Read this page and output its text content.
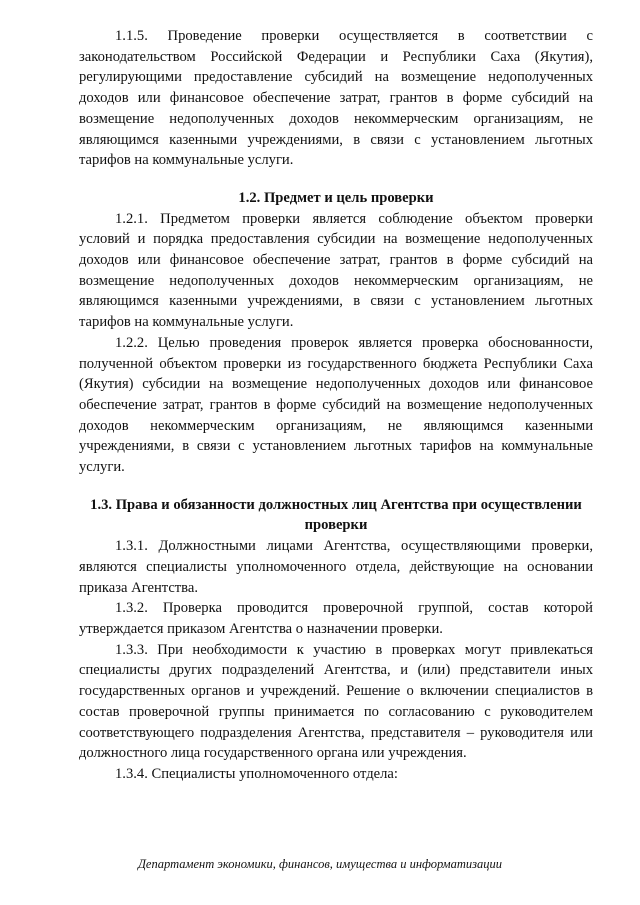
1.1.5. Проведение проверки осуществляется в соответствии с законодательством Российской Федерации и Республики Саха (Якутия), регулирующими предоставление субсидий на возмещение недополученных доходов или финансовое обеспечение затрат, грантов в форме субсидий на возмещение недополученных доходов некоммерческим организациям, не являющимся казенными учреждениями, в связи с установлением льготных тарифов на коммунальные услуги.

1.2. Предмет и цель проверки

1.2.1. Предметом проверки является соблюдение объектом проверки условий и порядка предоставления субсидии на возмещение недополученных доходов или финансовое обеспечение затрат, грантов в форме субсидий на возмещение недополученных доходов некоммерческим организациям, не являющимся казенными учреждениями, в связи с установлением льготных тарифов на коммунальные услуги.

1.2.2. Целью проведения проверок является проверка обоснованности, полученной объектом проверки из государственного бюджета Республики Саха (Якутия) субсидии на возмещение недополученных доходов или финансовое обеспечение затрат, грантов в форме субсидий на возмещение недополученных доходов некоммерческим организациям, не являющимся казенными учреждениями, в связи с установлением льготных тарифов на коммунальные услуги.

1.3. Права и обязанности должностных лиц Агентства при осуществлении
проверки

1.3.1. Должностными лицами Агентства, осуществляющими проверки, являются специалисты уполномоченного отдела, действующие на основании приказа Агентства.

1.3.2. Проверка проводится проверочной группой, состав которой утверждается приказом Агентства о назначении проверки.

1.3.3. При необходимости к участию в проверках могут привлекаться специалисты других подразделений Агентства, и (или) представители иных государственных органов и учреждений. Решение о включении специалистов в состав проверочной группы принимается по согласованию с руководителем соответствующего подразделения Агентства, представителя – руководителя или должностного лица государственного органа или учреждения.

1.3.4. Специалисты уполномоченного отдела:

Департамент экономики, финансов, имущества и информатизации
